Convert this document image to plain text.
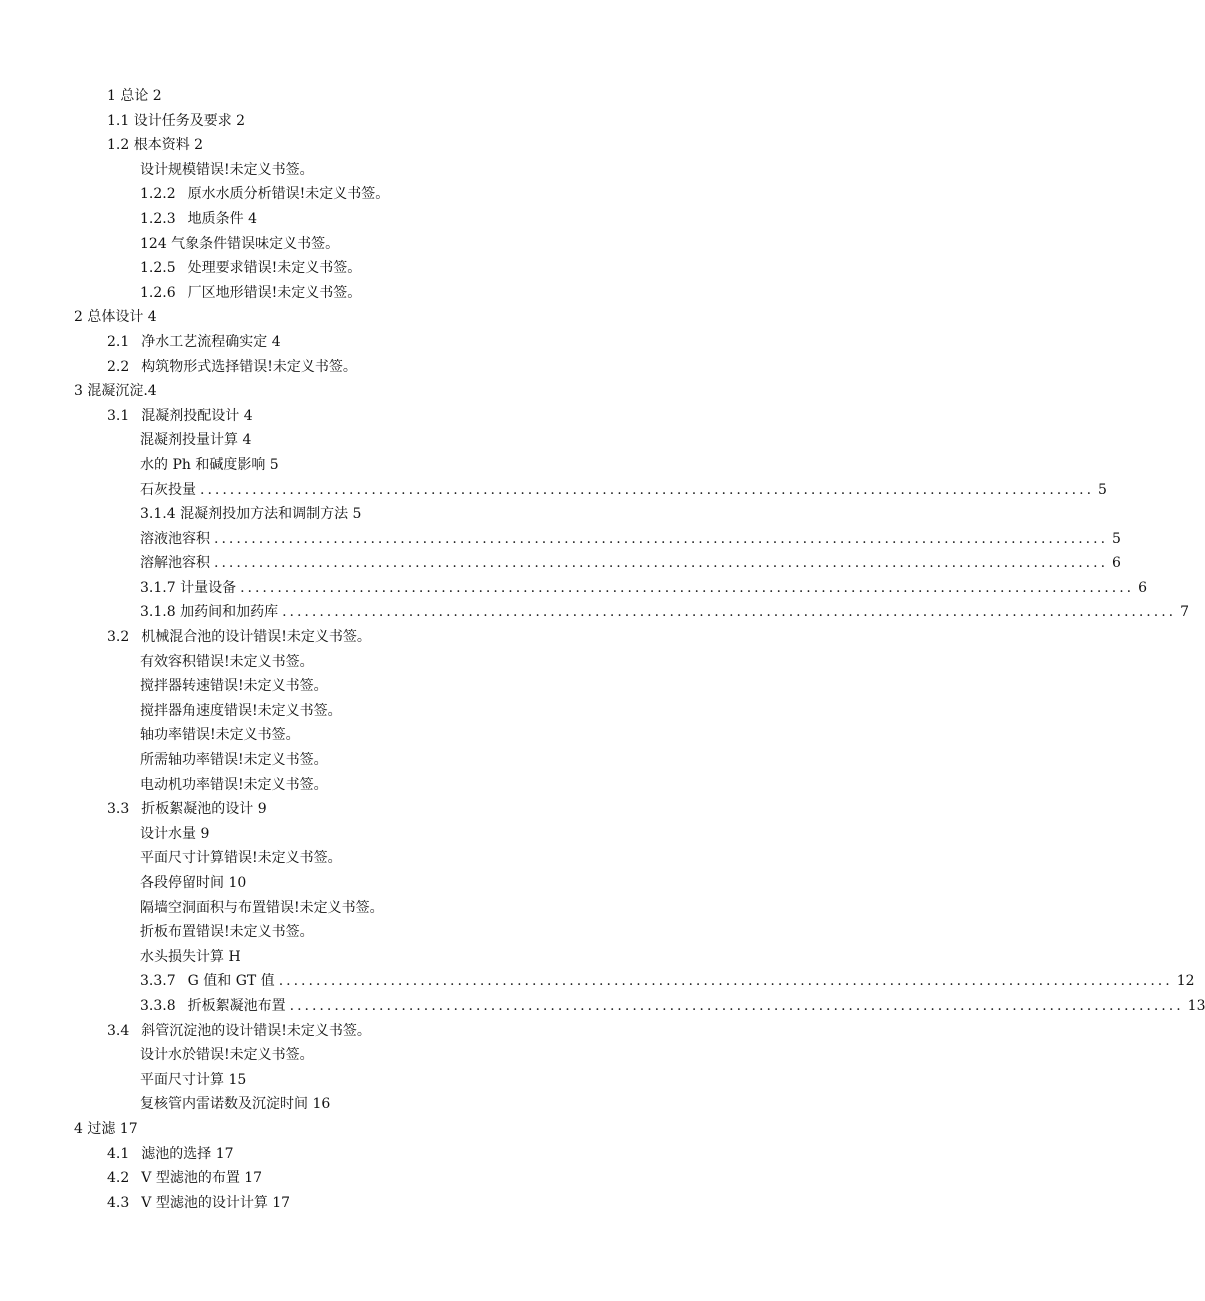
1 总论 2
1.1 设计任务及要求 2
1.2 根本资料 2
设计规模错误!未定义书签。
1.2.2 原水水质分析错误!未定义书签。
1.2.3 地质条件 4
124 气象条件错误味定义书签。
1.2.5 处理要求错误!未定义书签。
1.2.6 厂区地形错误!未定义书签。
2 总体设计 4
2.1 净水工艺流程确实定 4
2.2 构筑物形式选择错误!未定义书签。
3 混凝沉淀.4
3.1 混凝剂投配设计 4
混凝剂投量计算 4
水的 Ph 和碱度影响 5
石灰投量 ........................................................................................................................ 5
3.1.4 混凝剂投加方法和调制方法 5
溶液池容积 ........................................................................................................................ 5
溶解池容积 ........................................................................................................................ 6
3.1.7 计量设备 ........................................................................................................................ 6
3.1.8 加药间和加药库 ........................................................................................................................ 7
3.2 机械混合池的设计错误!未定义书签。
有效容积错误!未定义书签。
搅拌器转速错误!未定义书签。
搅拌器角速度错误!未定义书签。
轴功率错误!未定义书签。
所需轴功率错误!未定义书签。
电动机功率错误!未定义书签。
3.3 折板絮凝池的设计 9
设计水量 9
平面尺寸计算错误!未定义书签。
各段停留时间 10
隔墙空洞面积与布置错误!未定义书签。
折板布置错误!未定义书签。
水头损失计算 H
3.3.7 G 值和 GT 值 ........................................................................................................................ 12
3.3.8 折板絮凝池布置 ........................................................................................................................ 13
3.4 斜管沉淀池的设计错误!未定义书签。
设计水於错误!未定义书签。
平面尺寸计算 15
复核管内雷诺数及沉淀时间 16
4 过滤 17
4.1 滤池的选择 17
4.2 V 型滤池的布置 17
4.3 V 型滤池的设计计算 17
